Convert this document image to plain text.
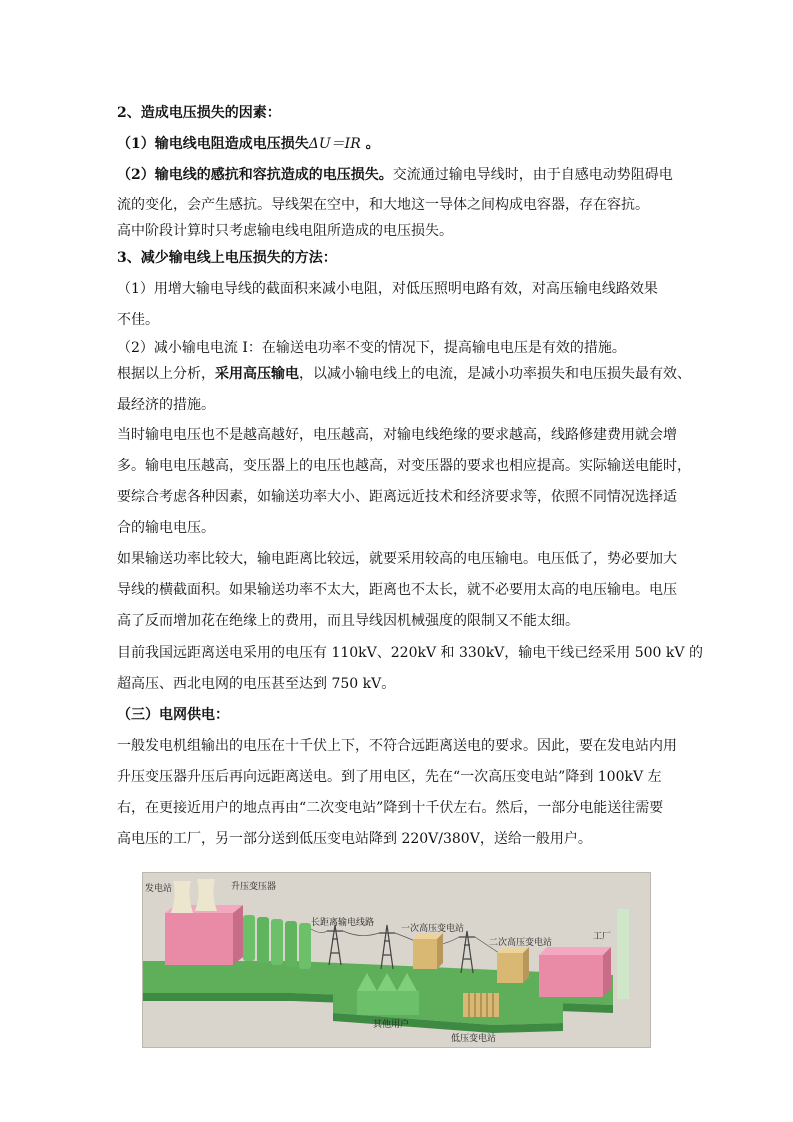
2、造成电压损失的因素：
（1）输电线电阻造成电压损失ΔU＝IR 。
（2）输电线的感抗和容抗造成的电压损失。交流通过输电导线时，由于自感电动势阻碍电
流的变化，会产生感抗。导线架在空中，和大地这一导体之间构成电容器，存在容抗。
高中阶段计算时只考虑输电线电阻所造成的电压损失。
3、减少输电线上电压损失的方法：
（1）用增大输电导线的截面积来减小电阻，对低压照明电路有效，对高压输电线路效果
不佳。
（2）减小输电电流 I：在输送电功率不变的情况下，提高输电电压是有效的措施。
根据以上分析，采用高压输电，以减小输电线上的电流，是减小功率损失和电压损失最有效、
最经济的措施。
当时输电电压也不是越高越好，电压越高，对输电线绝缘的要求越高，线路修建费用就会增
多。输电电压越高，变压器上的电压也越高，对变压器的要求也相应提高。实际输送电能时，
要综合考虑各种因素，如输送功率大小、距离远近技术和经济要求等，依照不同情况选择适
合的输电电压。
如果输送功率比较大，输电距离比较远，就要采用较高的电压输电。电压低了，势必要加大
导线的横截面积。如果输送功率不太大，距离也不太长，就不必要用太高的电压输电。电压
高了反而增加花在绝缘上的费用，而且导线因机械强度的限制又不能太细。
目前我国远距离送电采用的电压有 110kV、220kV 和 330kV，输电干线已经采用 500 kV 的
超高压、西北电网的电压甚至达到 750 kV。
（三）电网供电：
一般发电机组输出的电压在十千伏上下，不符合远距离送电的要求。因此，要在发电站内用
升压变压器升压后再向远距离送电。到了用电区，先在“一次高压变电站”降到 100kV 左
右，在更接近用户的地点再由“二次变电站”降到十千伏左右。然后，一部分电能送往需要
高电压的工厂，另一部分送到低压变电站降到 220V/380V，送给一般用户。
发电站	升压变压器
长距离输电线路
一次高压变电站
二次高压变电站
工厂
其他用户
低压变电站
